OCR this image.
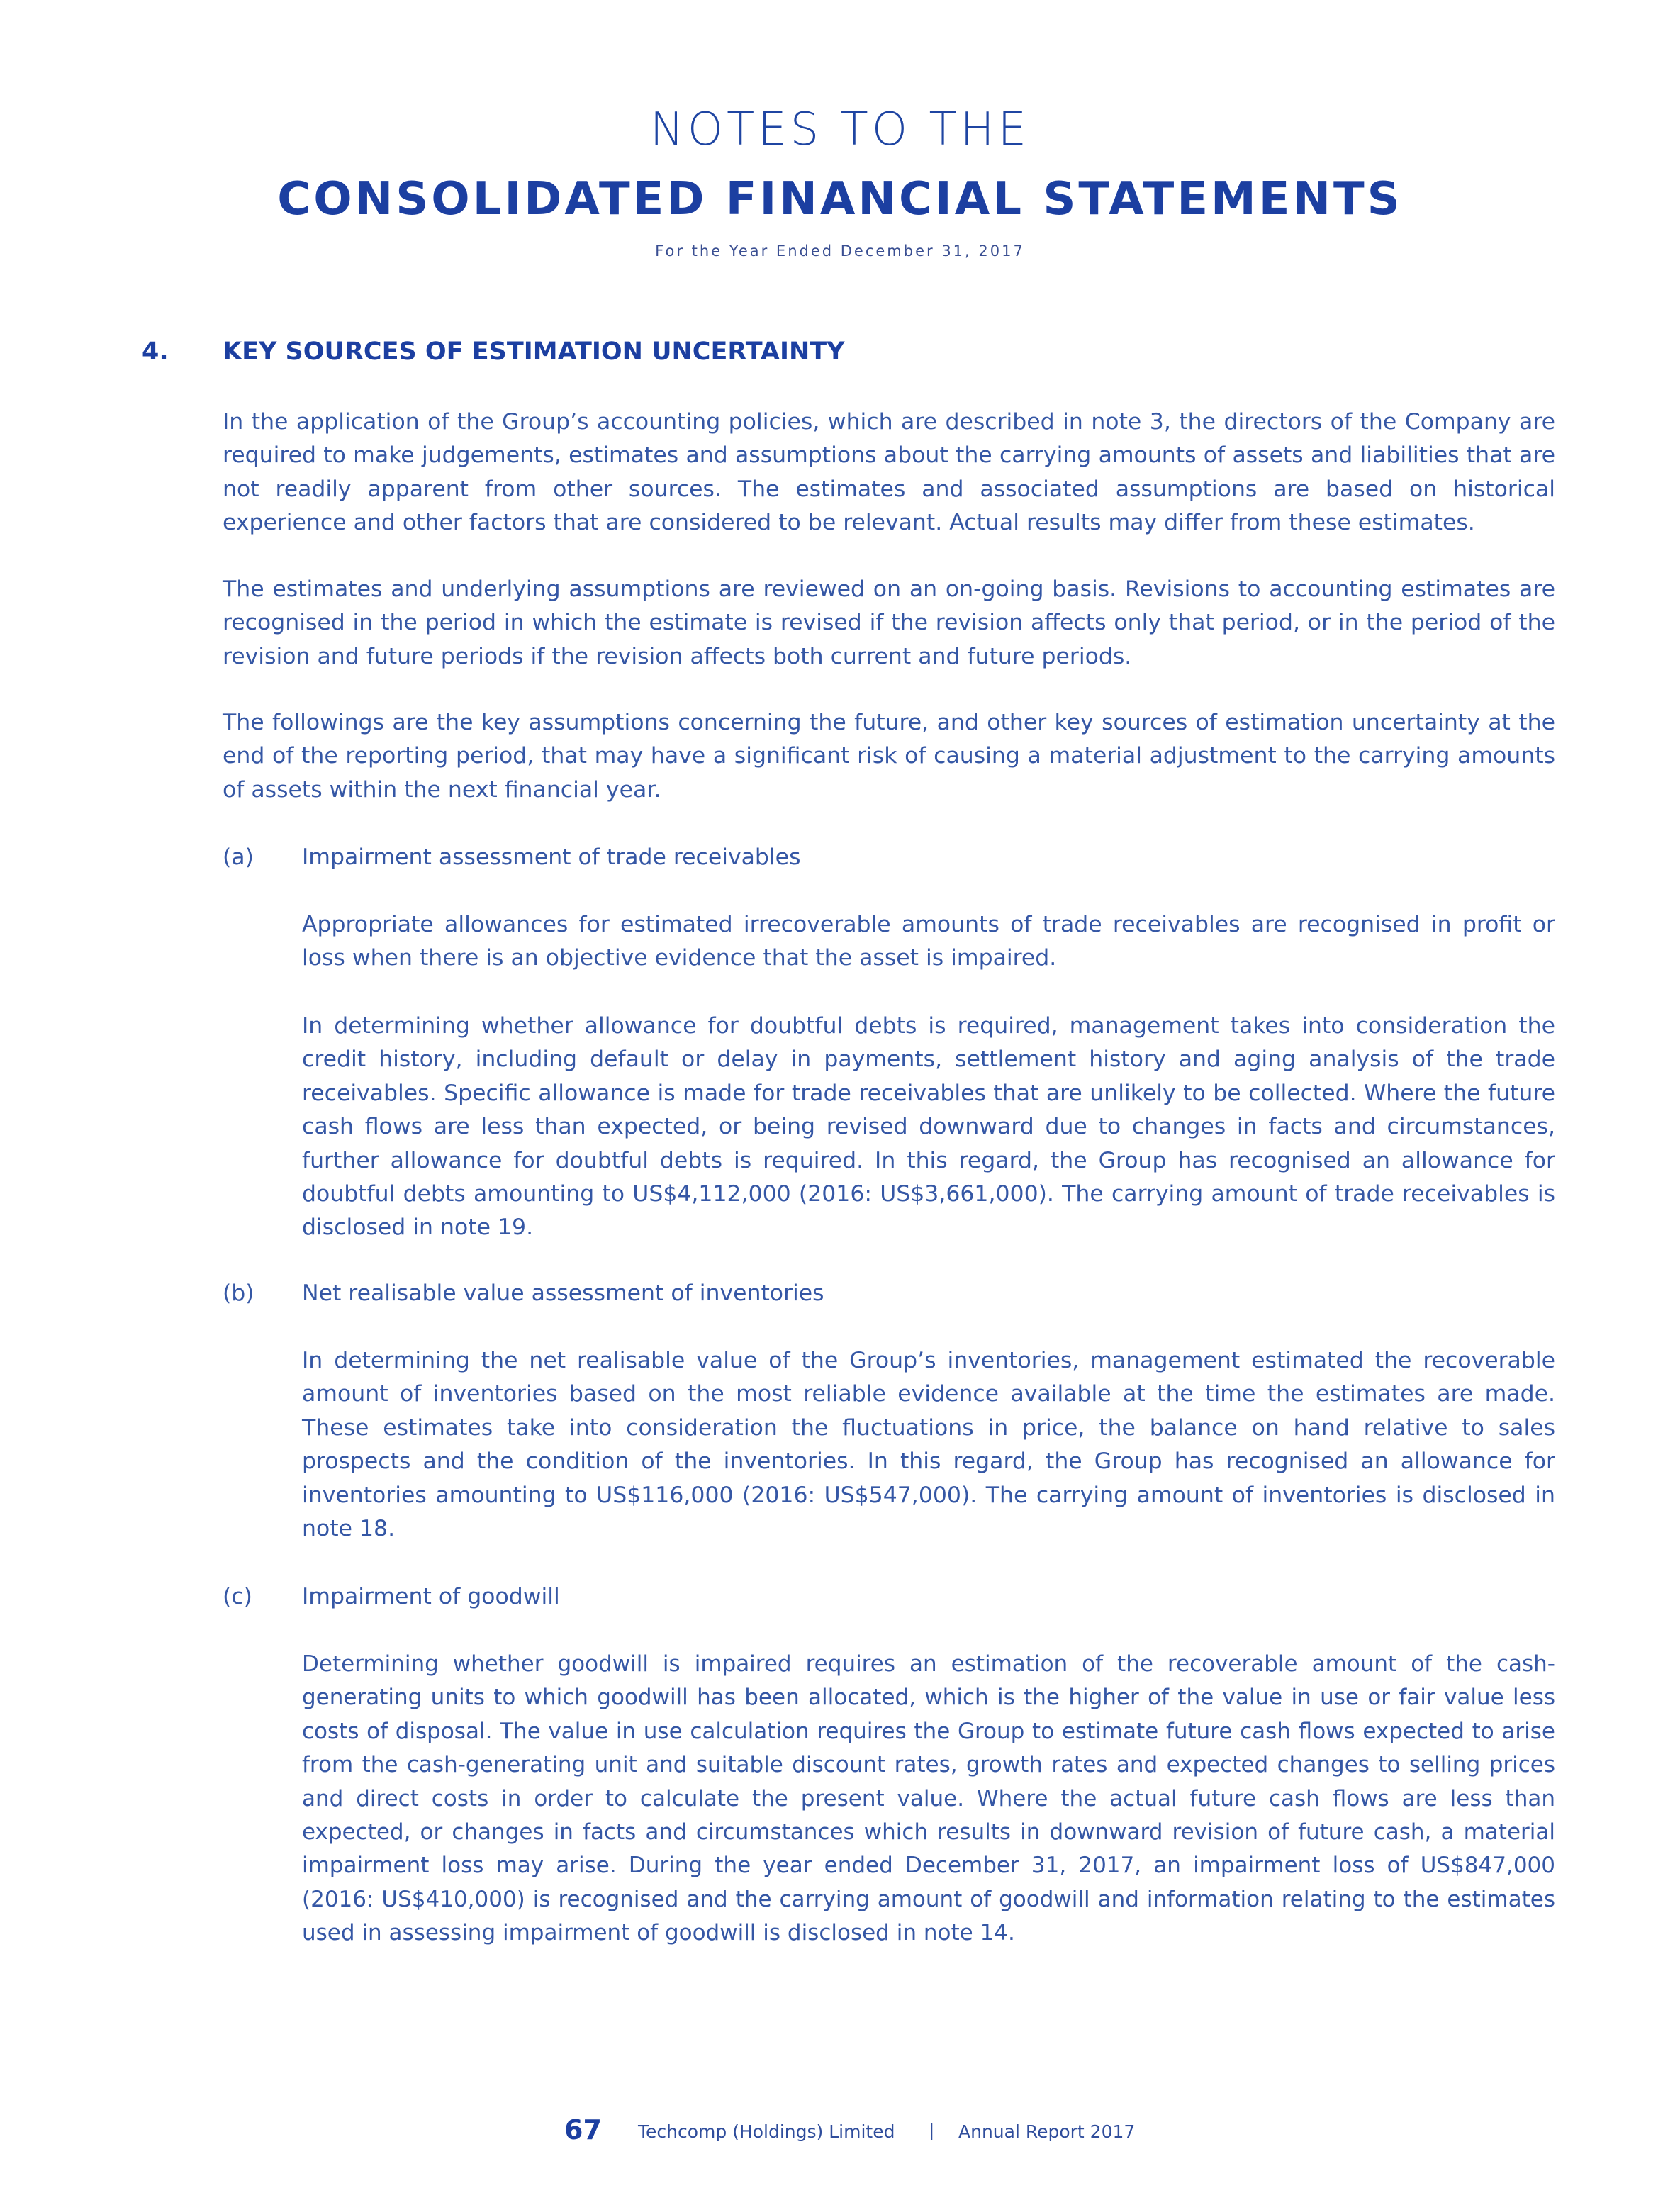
NOTES TO THE
CONSOLIDATED FINANCIAL STATEMENTS
For the Year Ended December 31, 2017
4. KEY SOURCES OF ESTIMATION UNCERTAINTY
In the application of the Group’s accounting policies, which are described in note 3, the directors of the Company are required to make judgements, estimates and assumptions about the carrying amounts of assets and liabilities that are not readily apparent from other sources. The estimates and associated assumptions are based on historical experience and other factors that are considered to be relevant. Actual results may differ from these estimates.
The estimates and underlying assumptions are reviewed on an on-going basis. Revisions to accounting estimates are recognised in the period in which the estimate is revised if the revision affects only that period, or in the period of the revision and future periods if the revision affects both current and future periods.
The followings are the key assumptions concerning the future, and other key sources of estimation uncertainty at the end of the reporting period, that may have a significant risk of causing a material adjustment to the carrying amounts of assets within the next financial year.
(a) Impairment assessment of trade receivables
Appropriate allowances for estimated irrecoverable amounts of trade receivables are recognised in profit or loss when there is an objective evidence that the asset is impaired.
In determining whether allowance for doubtful debts is required, management takes into consideration the credit history, including default or delay in payments, settlement history and aging analysis of the trade receivables. Specific allowance is made for trade receivables that are unlikely to be collected. Where the future cash flows are less than expected, or being revised downward due to changes in facts and circumstances, further allowance for doubtful debts is required. In this regard, the Group has recognised an allowance for doubtful debts amounting to US$4,112,000 (2016: US$3,661,000). The carrying amount of trade receivables is disclosed in note 19.
(b) Net realisable value assessment of inventories
In determining the net realisable value of the Group’s inventories, management estimated the recoverable amount of inventories based on the most reliable evidence available at the time the estimates are made. These estimates take into consideration the fluctuations in price, the balance on hand relative to sales prospects and the condition of the inventories. In this regard, the Group has recognised an allowance for inventories amounting to US$116,000 (2016: US$547,000). The carrying amount of inventories is disclosed in note 18.
(c) Impairment of goodwill
Determining whether goodwill is impaired requires an estimation of the recoverable amount of the cash-generating units to which goodwill has been allocated, which is the higher of the value in use or fair value less costs of disposal. The value in use calculation requires the Group to estimate future cash flows expected to arise from the cash-generating unit and suitable discount rates, growth rates and expected changes to selling prices and direct costs in order to calculate the present value. Where the actual future cash flows are less than expected, or changes in facts and circumstances which results in downward revision of future cash, a material impairment loss may arise. During the year ended December 31, 2017, an impairment loss of US$847,000 (2016: US$410,000) is recognised and the carrying amount of goodwill and information relating to the estimates used in assessing impairment of goodwill is disclosed in note 14.
67 Techcomp (Holdings) Limited | Annual Report 2017
